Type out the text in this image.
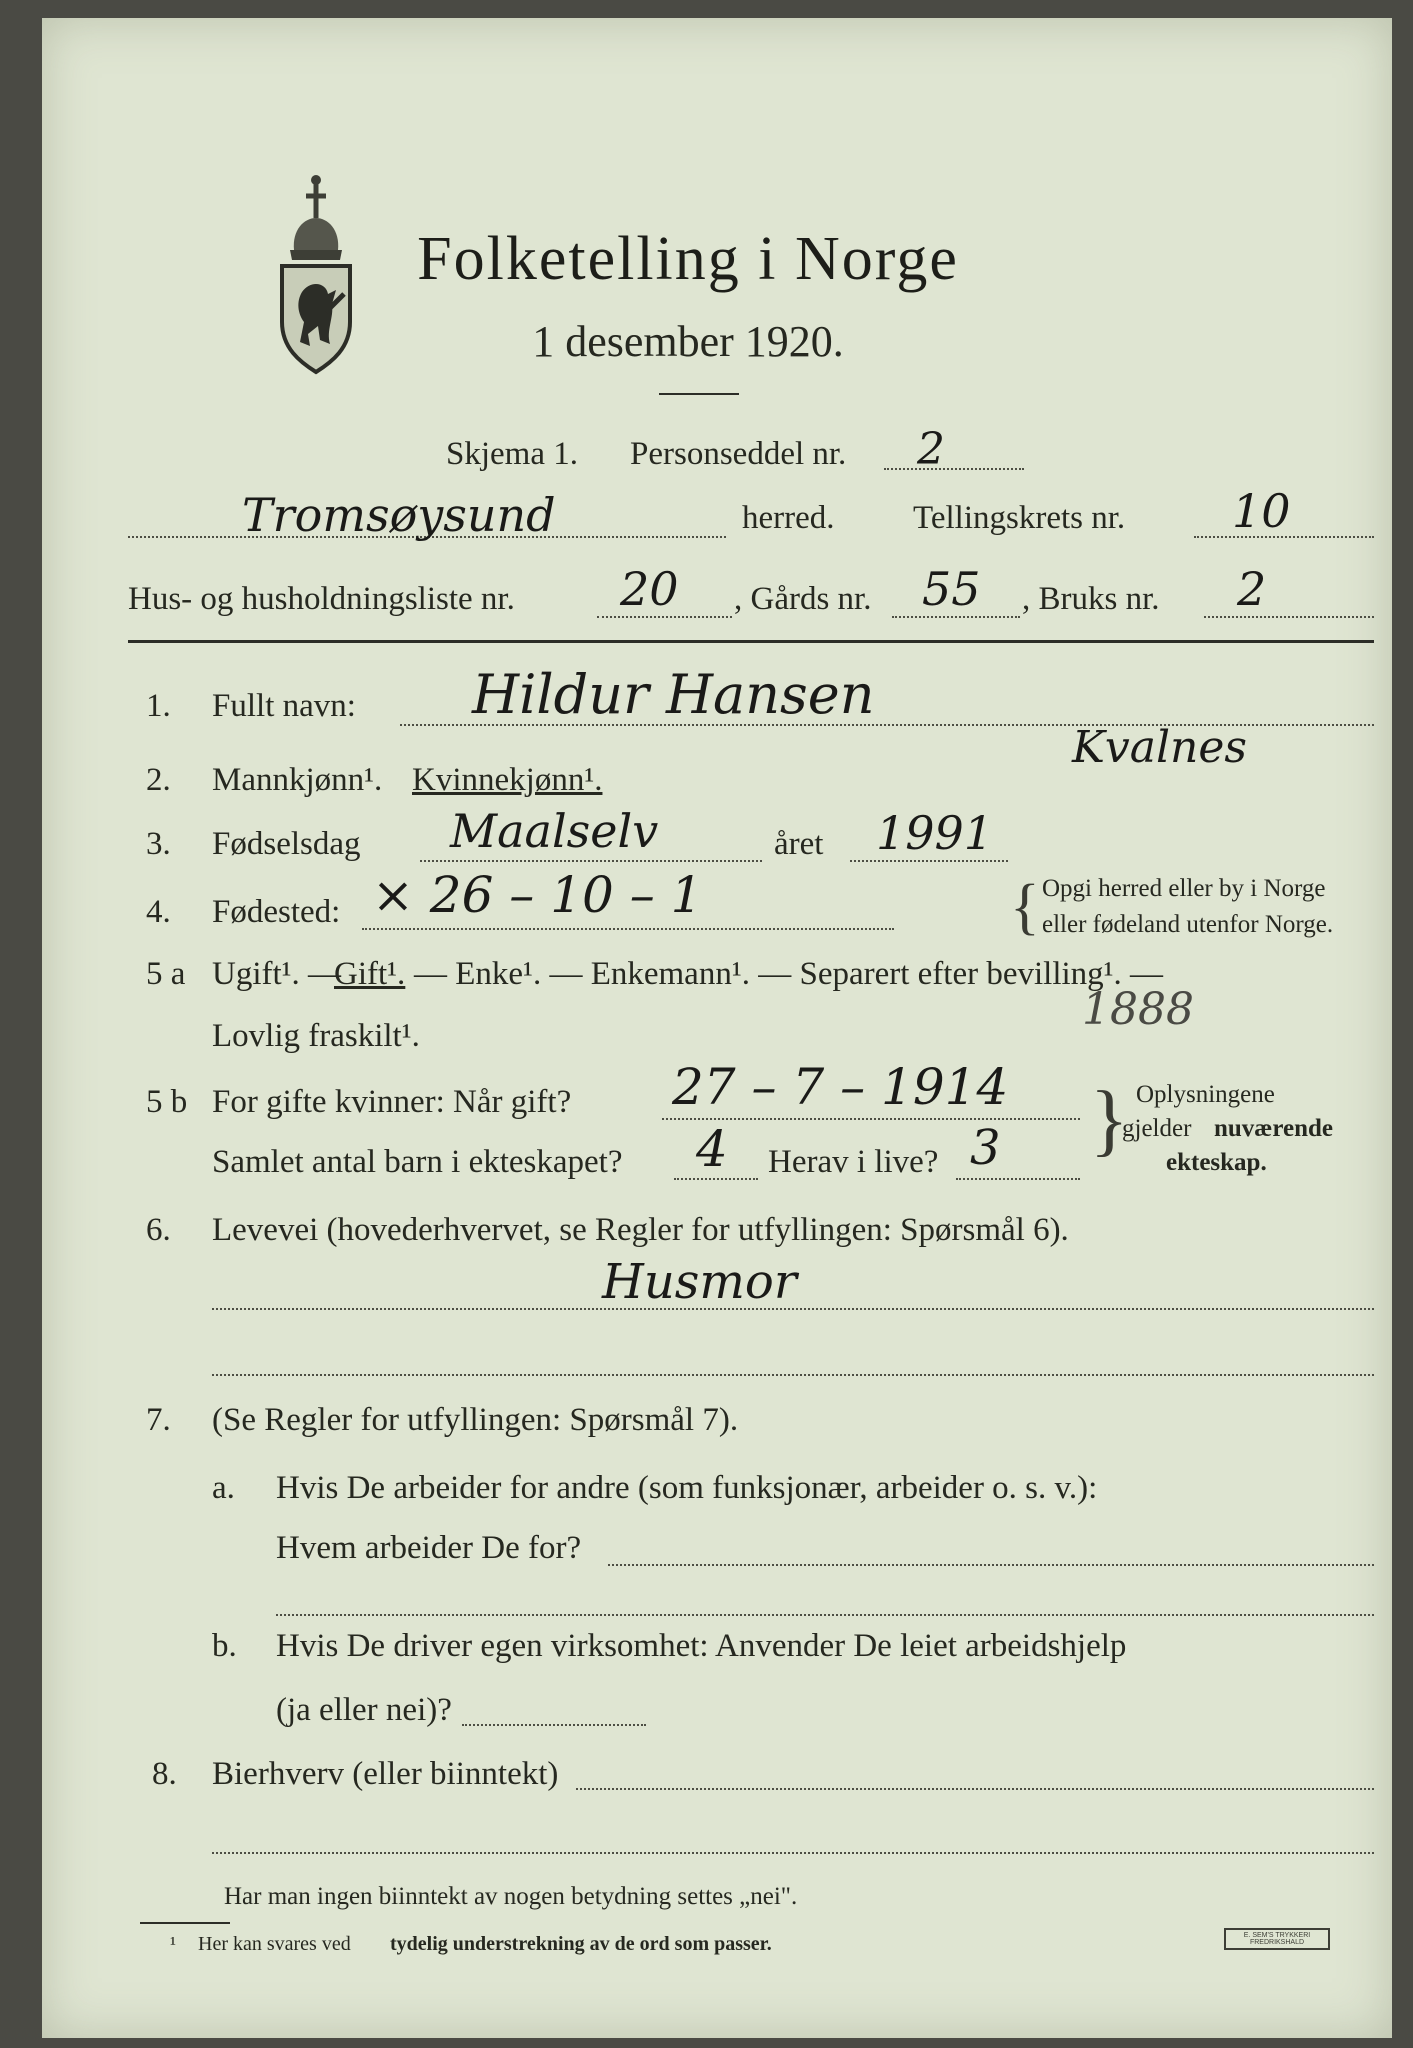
Folketelling i Norge
1 desember 1920.
Skjema 1. Personseddel nr. 2
Tromsøysund	herred. Tellingskrets nr. 10
Hus- og husholdningsliste nr. 20 , Gårds nr. 55 , Bruks nr. 2
1. Fullt navn: Hildur Hansen
Kvalnes
2. Mannkjønn¹. Kvinnekjønn¹.
3. Fødselsdag Maalselv	året 1991
4. Fødested: × 26 – 10 – 1	{ Opgi herred eller by i Norge
eller fødeland utenfor Norge.
5 a Ugift¹. —
Gift¹. — Enke¹. — Enkemann¹. — Separert efter bevilling¹. —
Lovlig fraskilt¹.
1888
5 b For gifte kvinner: Når gift? 27 – 7 – 1914 }
Samlet antal barn i ekteskapet? 4 Herav i live? 3
Oplysningene
gjelder nuværende
ekteskap.
6. Levevei (hovederhvervet, se Regler for utfyllingen: Spørsmål 6).
Husmor
7. (Se Regler for utfyllingen: Spørsmål 7).
a. Hvis De arbeider for andre (som funksjonær, arbeider o. s. v.):
Hvem arbeider De for?
b. Hvis De driver egen virksomhet: Anvender De leiet arbeidshjelp
(ja eller nei)?
8. Bierhverv (eller biinntekt)
Har man ingen biinntekt av nogen betydning settes „nei".
¹ Her kan svares ved tydelig understrekning av de ord som passer.	E. SEM'S TRYKKERI FREDRIKSHALD
